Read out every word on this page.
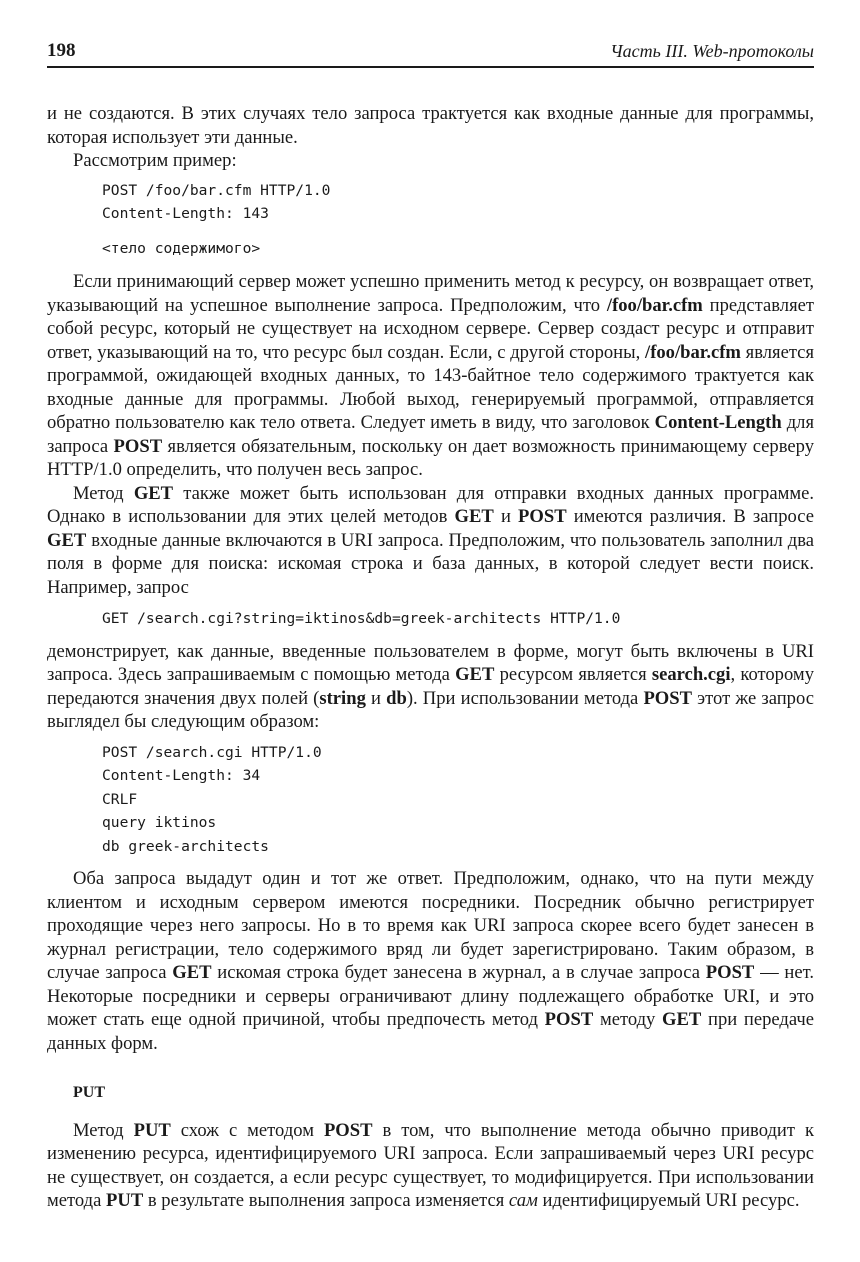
198	Часть III. Web-протоколы

и не создаются. В этих случаях тело запроса трактуется как входные данные для программы, которая использует эти данные.

Рассмотрим пример:

POST /foo/bar.cfm HTTP/1.0
Content-Length: 143
<тело содержимого>

Если принимающий сервер может успешно применить метод к ресурсу, он возвращает ответ, указывающий на успешное выполнение запроса. Предположим, что /foo/bar.cfm представляет собой ресурс, который не существует на исходном сервере. Сервер создаст ресурс и отправит ответ, указывающий на то, что ресурс был создан. Если, с другой стороны, /foo/bar.cfm является программой, ожидающей входных данных, то 143-байтное тело содержимого трактуется как входные данные для программы. Любой выход, генерируемый программой, отправляется обратно пользователю как тело ответа. Следует иметь в виду, что заголовок Content-Length для запроса POST является обязательным, поскольку он дает возможность принимающему серверу HTTP/1.0 определить, что получен весь запрос.

Метод GET также может быть использован для отправки входных данных программе. Однако в использовании для этих целей методов GET и POST имеются различия. В запросе GET входные данные включаются в URI запроса. Предположим, что пользователь заполнил два поля в форме для поиска: искомая строка и база данных, в которой следует вести поиск. Например, запрос

GET /search.cgi?string=iktinos&db=greek-architects HTTP/1.0

демонстрирует, как данные, введенные пользователем в форме, могут быть включены в URI запроса. Здесь запрашиваемым с помощью метода GET ресурсом является search.cgi, которому передаются значения двух полей (string и db). При использовании метода POST этот же запрос выглядел бы следующим образом:

POST /search.cgi HTTP/1.0
Content-Length: 34
CRLF
query iktinos
db greek-architects

Оба запроса выдадут один и тот же ответ. Предположим, однако, что на пути между клиентом и исходным сервером имеются посредники. Посредник обычно регистрирует проходящие через него запросы. Но в то время как URI запроса скорее всего будет занесен в журнал регистрации, тело содержимого вряд ли будет зарегистрировано. Таким образом, в случае запроса GET искомая строка будет занесена в журнал, а в случае запроса POST — нет. Некоторые посредники и серверы ограничивают длину подлежащего обработке URI, и это может стать еще одной причиной, чтобы предпочесть метод POST методу GET при передаче данных форм.

PUT

Метод PUT схож с методом POST в том, что выполнение метода обычно приводит к изменению ресурса, идентифицируемого URI запроса. Если запрашиваемый через URI ресурс не существует, он создается, а если ресурс существует, то модифицируется. При использовании метода PUT в результате выполнения запроса изменяется сам идентифицируемый URI ресурс.
